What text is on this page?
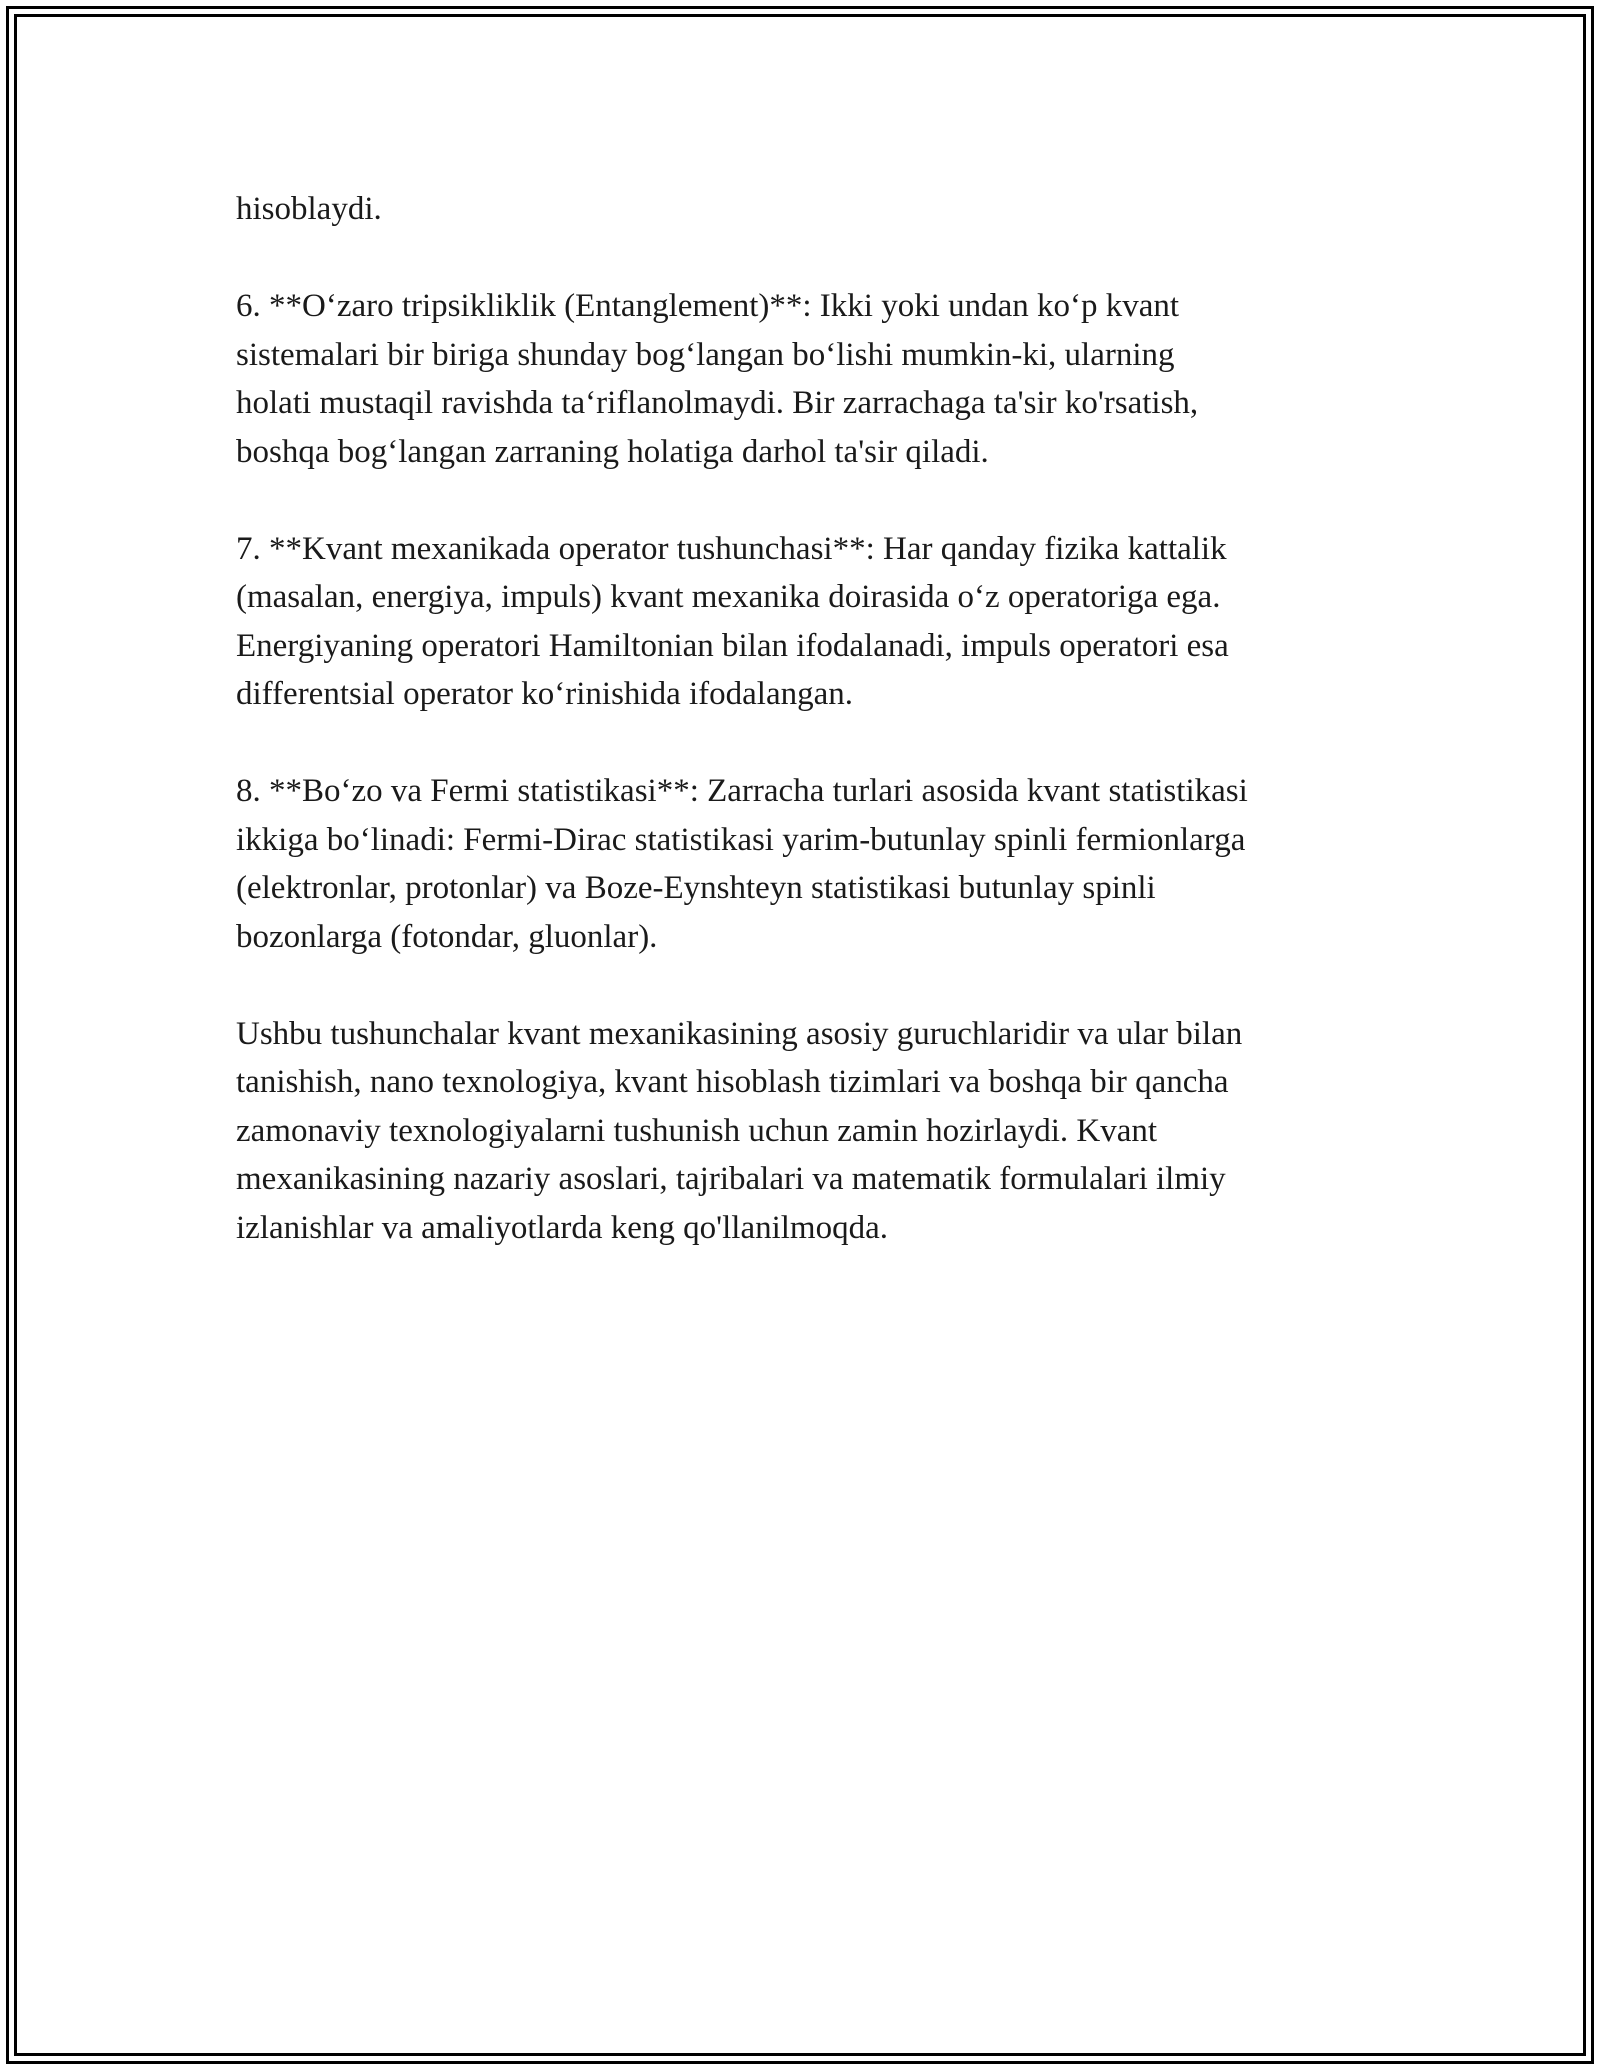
hisoblaydi.

6. **O‘zaro tripsikliklik (Entanglement)**: Ikki yoki undan ko‘p kvant
sistemalari bir biriga shunday bog‘langan bo‘lishi mumkin-ki, ularning
holati mustaqil ravishda ta‘riflanolmaydi. Bir zarrachaga ta'sir ko'rsatish,
boshqa bog‘langan zarraning holatiga darhol ta'sir qiladi.

7. **Kvant mexanikada operator tushunchasi**: Har qanday fizika kattalik
(masalan, energiya, impuls) kvant mexanika doirasida o‘z operatoriga ega.
Energiyaning operatori Hamiltonian bilan ifodalanadi, impuls operatori esa
differentsial operator ko‘rinishida ifodalangan.

8. **Bo‘zo va Fermi statistikasi**: Zarracha turlari asosida kvant statistikasi
ikkiga bo‘linadi: Fermi-Dirac statistikasi yarim-butunlay spinli fermionlarga
(elektronlar, protonlar) va Boze-Eynshteyn statistikasi butunlay spinli
bozonlarga (fotondar, gluonlar).

Ushbu tushunchalar kvant mexanikasining asosiy guruchlaridir va ular bilan
tanishish, nano texnologiya, kvant hisoblash tizimlari va boshqa bir qancha
zamonaviy texnologiyalarni tushunish uchun zamin hozirlaydi. Kvant
mexanikasining nazariy asoslari, tajribalari va matematik formulalari ilmiy
izlanishlar va amaliyotlarda keng qo'llanilmoqda.
